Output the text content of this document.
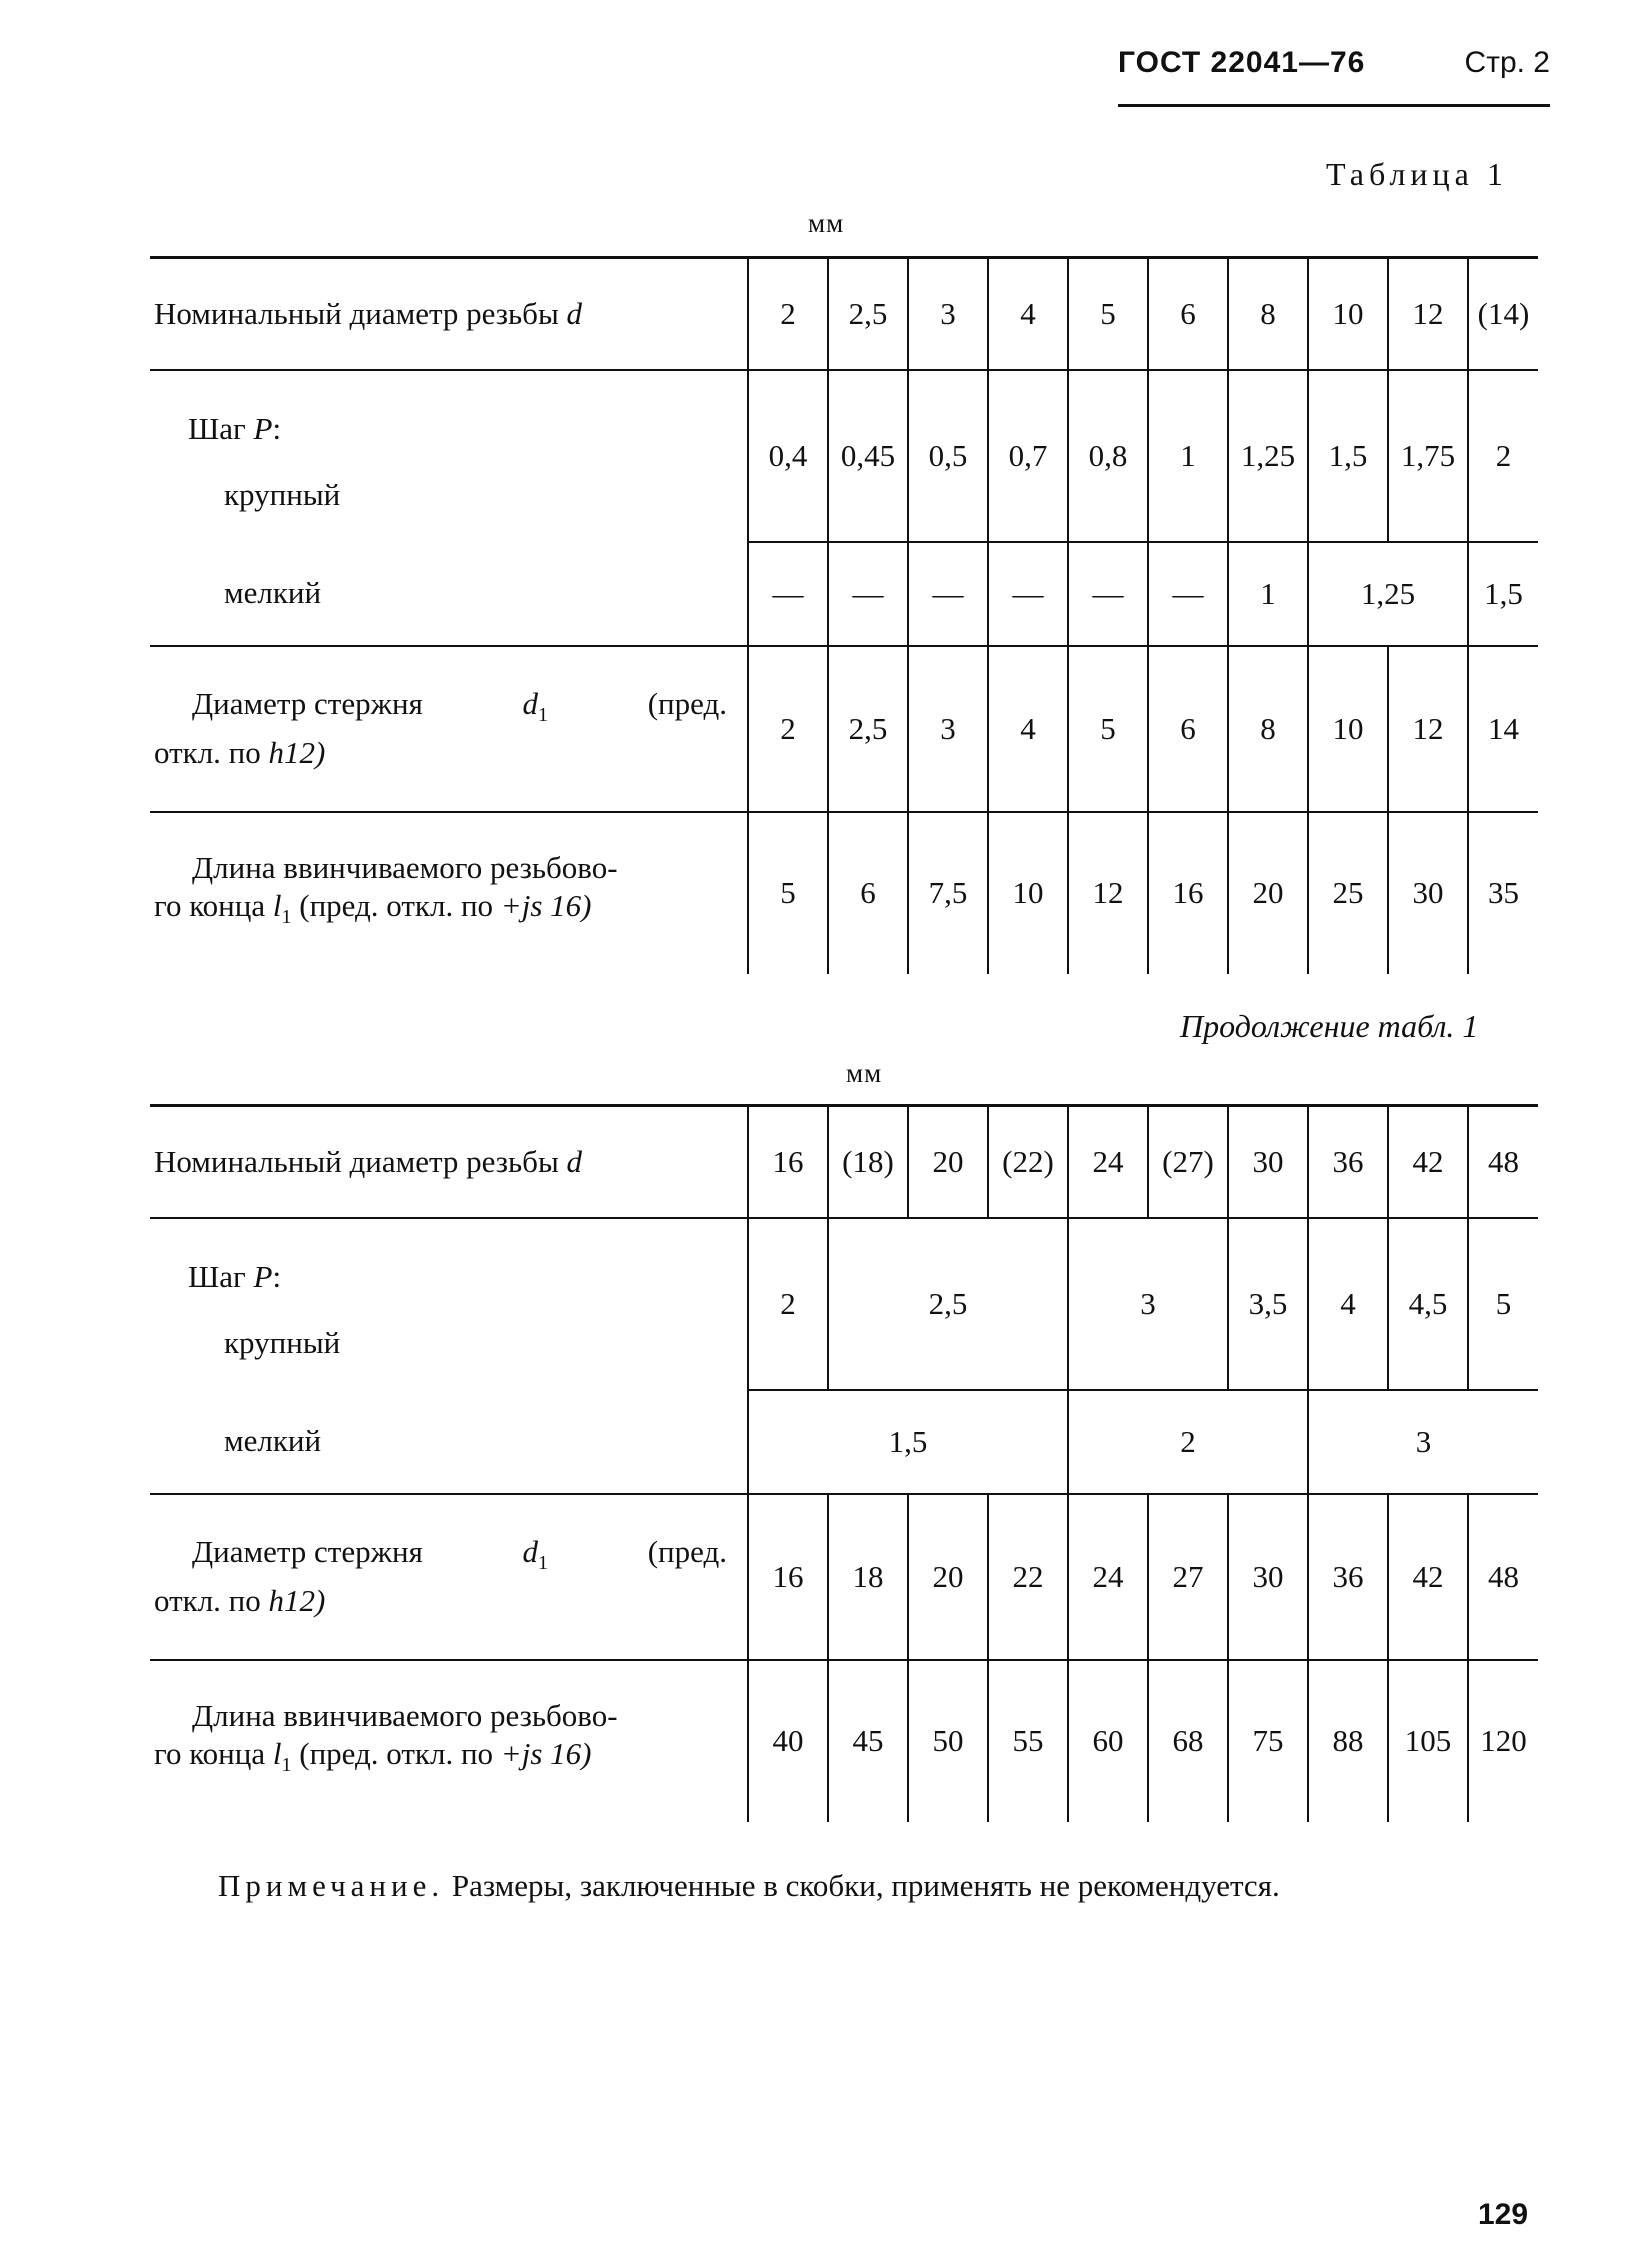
ГОСТ 22041—76	Стр. 2
Таблица 1
мм
Номинальный диаметр резьбы d	2	2,5	3	4	5	6	8	10	12	(14)
Шаг P:	0,4	0,45	0,5	0,7	0,8	1	1,25	1,5	1,75	2
крупный										
мелкий	—	—	—	—	—	—	1	1,25		1,5

Диаметр стержня $d_1$ (пред.
откл. по h12)	2	2,5	3	4	5	6	8	10	12	14

Длина ввинчиваемого резьбово-
го конца $l_1$ (пред. откл. по +js 16)	5	6	7,5	10	12	16	20	25	30	35
Продолжение табл. 1
мм
Номинальный диаметр резьбы d	16	(18)	20	(22)	24	(27)	30	36	42	48
Шаг P:	2	2,5			3		3,5	4	4,5	5
крупный										
мелкий	1,5				2			3		

Диаметр стержня $d_1$ (пред.
откл. по h12)	16	18	20	22	24	27	30	36	42	48

Длина ввинчиваемого резьбово-
го конца $l_1$ (пред. откл. по +js 16)	40	45	50	55	60	68	75	88	105	120
Примечание. Размеры, заключенные в скобки, применять не рекомендуется.
129
